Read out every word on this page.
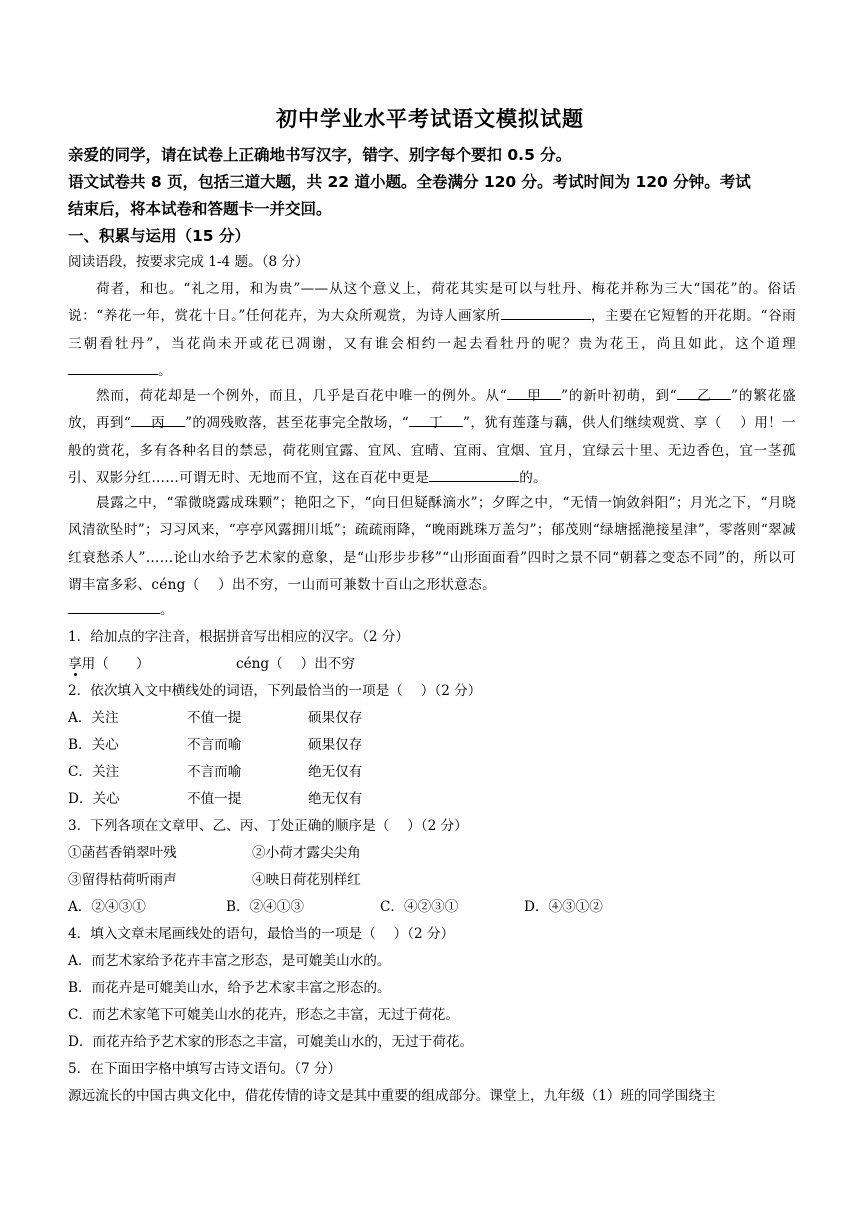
初中学业水平考试语文模拟试题
亲爱的同学，请在试卷上正确地书写汉字，错字、别字每个要扣 0.5 分。
语文试卷共 8 页，包括三道大题，共 22 道小题。全卷满分 120 分。考试时间为 120 分钟。考试
结束后，将本试卷和答题卡一并交回。
一、积累与运用（15 分）
阅读语段，按要求完成 1-4 题。（8 分）
荷者，和也。“礼之用，和为贵”——从这个意义上，荷花其实是可以与牡丹、梅花并称为三大“国花”的。俗话说：“养花一年，赏花十日。”任何花卉，为大众所观赏，为诗人画家所	，主要在它短暂的开花期。“谷雨三朝看牡丹”，当花尚未开或花已凋谢，又有谁会相约一起去看牡丹的呢？贵为花王，尚且如此，这个道理。
然而，荷花却是一个例外，而且，几乎是百花中唯一的例外。从“ 甲 ”的新叶初萌，到“ 乙 ”的繁花盛放，再到“ 丙 ”的凋残败落，甚至花事完全散场，“ 丁 ”，犹有莲蓬与藕，供人们继续观赏、享（　 ）用！一般的赏花，多有各种名目的禁忌，荷花则宜露、宜风、宜晴、宜雨、宜烟、宜月，宜绿云十里、无边香色，宜一茎孤引、双影分红……可谓无时、无地而不宜，这在百花中更是	的。
晨露之中，“霏微晓露成珠颗”；艳阳之下，“向日但疑酥滴水”；夕晖之中，“无情一饷敛斜阳”；月光之下，“月晓风清欲坠时”；习习风来，“亭亭风露拥川坻”；疏疏雨降，“晚雨跳珠万盖匀”；郁茂则“绿塘摇滟接星津”，零落则“翠减红衰愁杀人”……论山水给予艺术家的意象，是“山形步步移”“山形面面看”四时之景不同“朝暮之变态不同”的，所以可谓丰富多彩、céng（　 ）出不穷，一山而可兼数十百山之形状意态。
。
1．给加点的字注音，根据拼音写出相应的汉字。（2 分）
享用（　　）	céng（　 ）出不穷
2．依次填入文中横线处的词语，下列最恰当的一项是（　 ）（2 分）
A．关注	不值一提	硕果仅存
B．关心	不言而喻	硕果仅存
C．关注	不言而喻	绝无仅有
D．关心	不值一提	绝无仅有
3．下列各项在文章甲、乙、丙、丁处正确的顺序是（　 ）（2 分）
①菡萏香销翠叶残	②小荷才露尖尖角
③留得枯荷听雨声	④映日荷花别样红
A．②④③①	B．②④①③	C．④②③①	D．④③①②
4．填入文章末尾画线处的语句，最恰当的一项是（　 ）（2 分）
A．而艺术家给予花卉丰富之形态，是可媲美山水的。
B．而花卉是可媲美山水，给予艺术家丰富之形态的。
C．而艺术家笔下可媲美山水的花卉，形态之丰富，无过于荷花。
D．而花卉给予艺术家的形态之丰富，可媲美山水的，无过于荷花。
5．在下面田字格中填写古诗文语句。（7 分）
源远流长的中国古典文化中，借花传情的诗文是其中重要的组成部分。课堂上，九年级（1）班的同学围绕主
